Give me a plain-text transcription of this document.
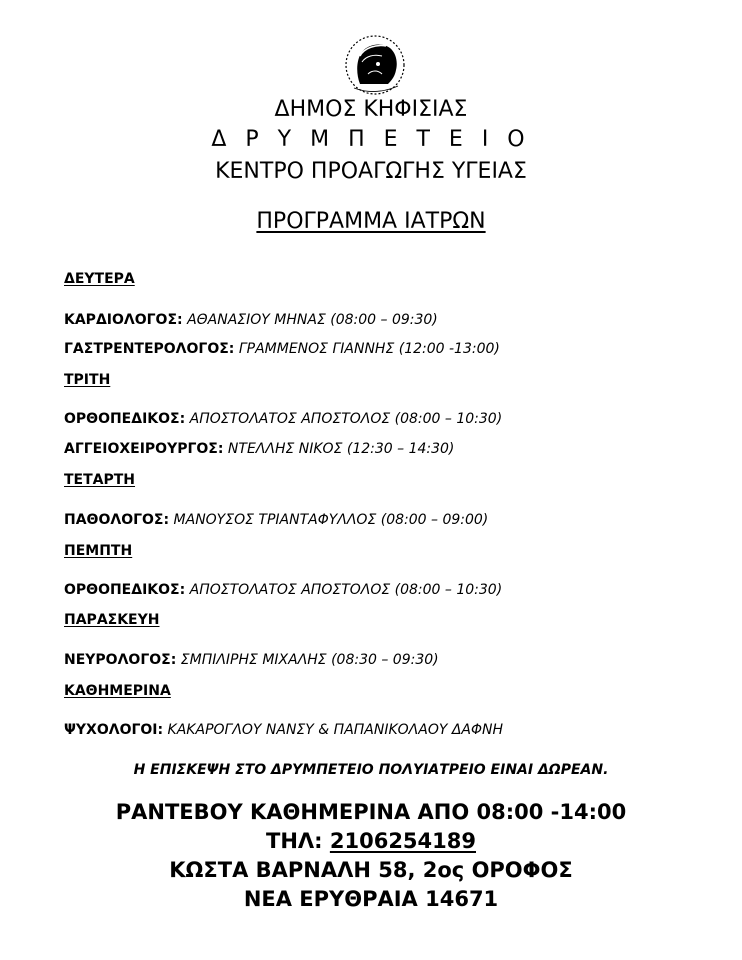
ΔΗΜΟΣ ΚΗΦΙΣΙΑΣ
Δ Ρ Υ Μ Π Ε Τ Ε Ι Ο
ΚΕΝΤΡΟ ΠΡΟΑΓΩΓΗΣ ΥΓΕΙΑΣ
ΠΡΟΓΡΑΜΜΑ ΙΑΤΡΩΝ
ΔΕΥΤΕΡΑ
ΚΑΡΔΙΟΛΟΓΟΣ: ΑΘΑΝΑΣΙΟΥ ΜΗΝΑΣ (08:00 – 09:30)
ΓΑΣΤΡΕΝΤΕΡΟΛΟΓΟΣ: ΓΡΑΜΜΕΝΟΣ ΓΙΑΝΝΗΣ (12:00 -13:00)
ΤΡΙΤΗ
ΟΡΘΟΠΕΔΙΚΟΣ: ΑΠΟΣΤΟΛΑΤΟΣ ΑΠΟΣΤΟΛΟΣ (08:00 – 10:30)
ΑΓΓΕΙΟΧΕΙΡΟΥΡΓΟΣ: ΝΤΕΛΛΗΣ ΝΙΚΟΣ (12:30 – 14:30)
ΤΕΤΑΡΤΗ
ΠΑΘΟΛΟΓΟΣ: ΜΑΝΟΥΣΟΣ ΤΡΙΑΝΤΑΦΥΛΛΟΣ (08:00 – 09:00)
ΠΕΜΠΤΗ
ΟΡΘΟΠΕΔΙΚΟΣ: ΑΠΟΣΤΟΛΑΤΟΣ ΑΠΟΣΤΟΛΟΣ (08:00 – 10:30)
ΠΑΡΑΣΚΕΥΗ
ΝΕΥΡΟΛΟΓΟΣ: ΣΜΠΙΛΙΡΗΣ ΜΙΧΑΛΗΣ (08:30 – 09:30)
ΚΑΘΗΜΕΡΙΝΑ
ΨΥΧΟΛΟΓΟΙ: ΚΑΚΑΡΟΓΛΟΥ ΝΑΝΣΥ & ΠΑΠΑΝΙΚΟΛΑΟΥ ΔΑΦΝΗ
Η ΕΠΙΣΚΕΨΗ ΣΤΟ ΔΡΥΜΠΕΤΕΙΟ ΠΟΛΥΙΑΤΡΕΙΟ ΕΙΝΑΙ ΔΩΡΕΑΝ.
ΡΑΝΤΕΒΟΥ ΚΑΘΗΜΕΡΙΝΑ ΑΠΟ 08:00 -14:00
ΤΗΛ: 2106254189
ΚΩΣΤΑ ΒΑΡΝΑΛΗ 58, 2ος ΟΡΟΦΟΣ
ΝΕΑ ΕΡΥΘΡΑΙΑ 14671
